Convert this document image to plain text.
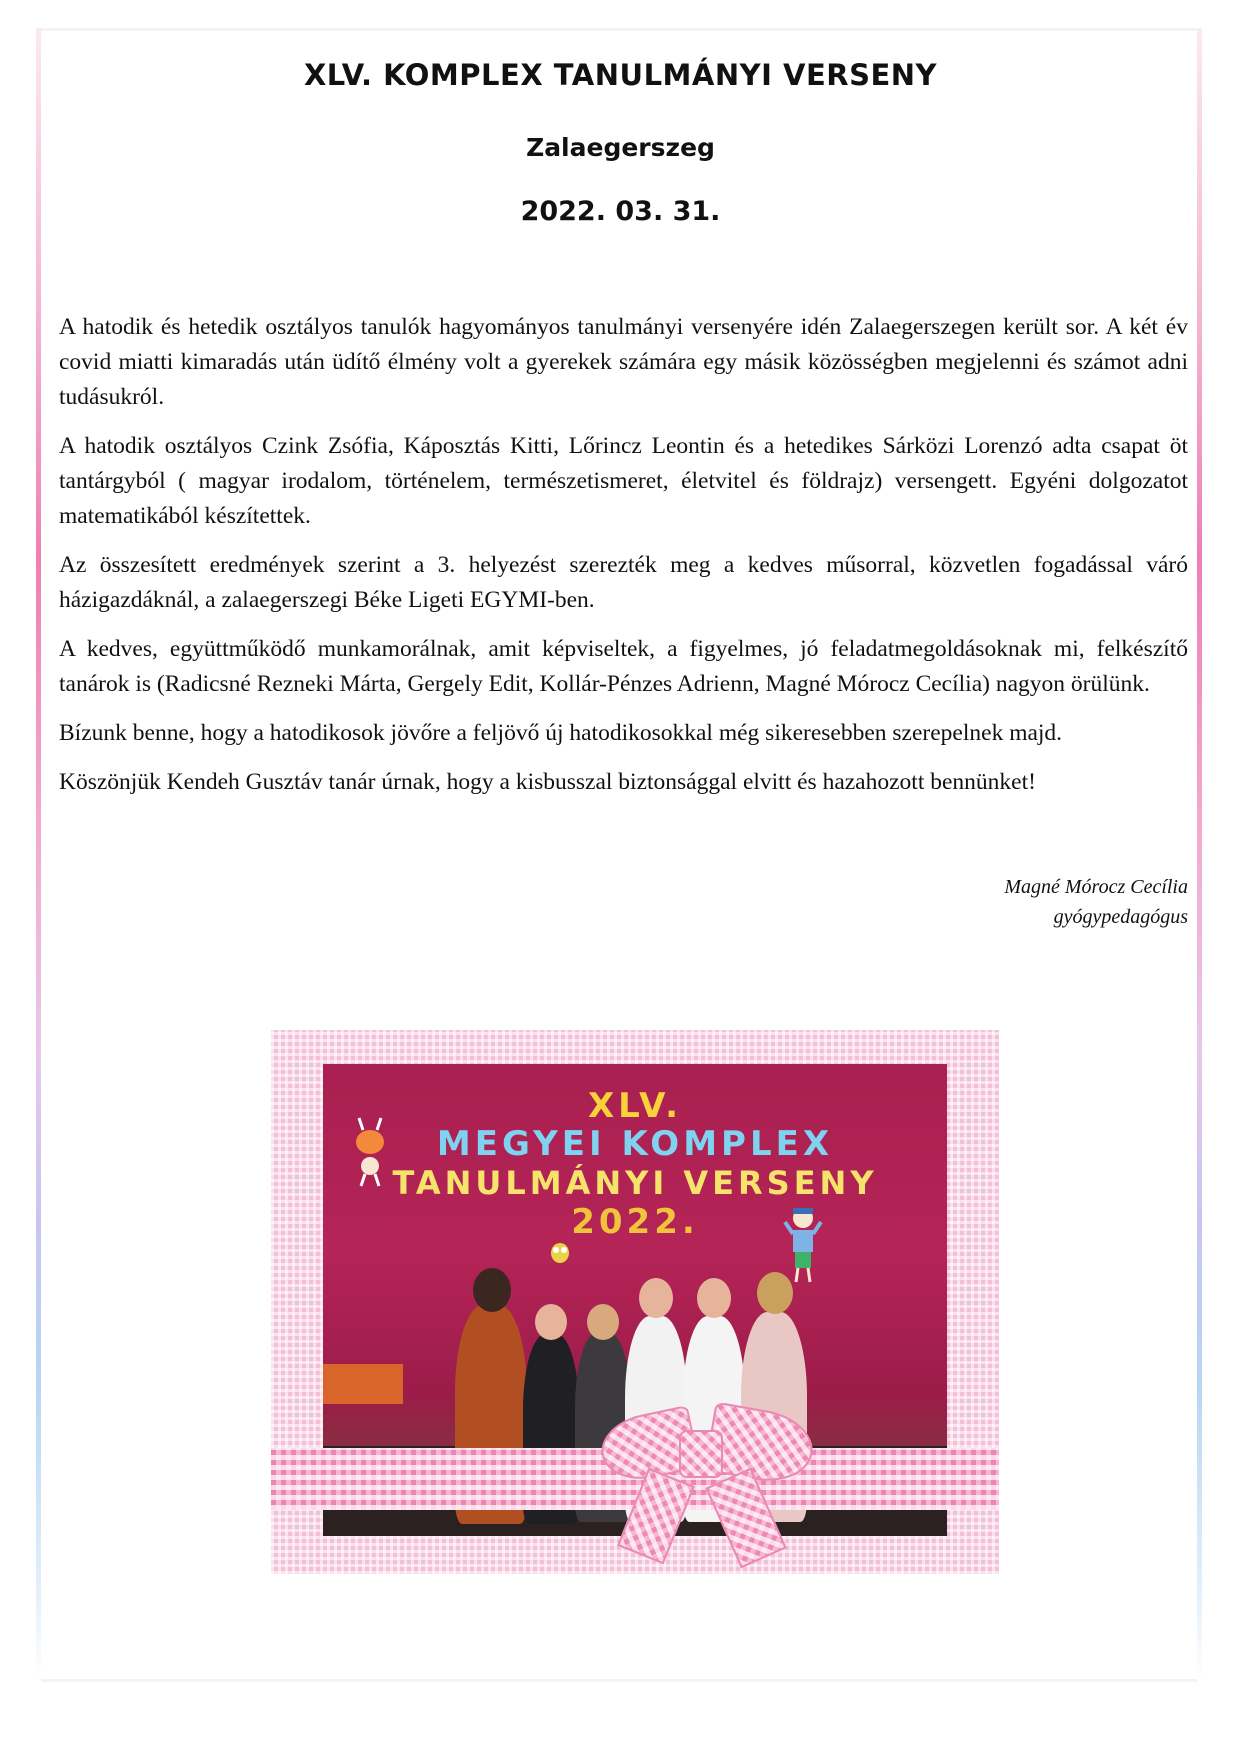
XLV. KOMPLEX TANULMÁNYI VERSENY
Zalaegerszeg
2022. 03. 31.

A hatodik és hetedik osztályos tanulók hagyományos tanulmányi versenyére idén Zalaegerszegen került sor. A két év covid miatti kimaradás után üdítő élmény volt a gyerekek számára egy másik közösségben megjelenni és számot adni tudásukról.

A hatodik osztályos Czink Zsófia, Káposztás Kitti, Lőrincz Leontin és a hetedikes Sárközi Lorenzó adta csapat öt tantárgyból ( magyar irodalom, történelem, természetismeret, életvitel és földrajz) versengett. Egyéni dolgozatot matematikából készítettek.

Az összesített eredmények szerint a 3. helyezést szerezték meg a kedves műsorral, közvetlen fogadással váró házigazdáknál, a zalaegerszegi Béke Ligeti EGYMI-ben.

A kedves, együttműködő munkamorálnak, amit képviseltek, a figyelmes, jó feladatmegoldásoknak mi, felkészítő tanárok is (Radicsné Rezneki Márta, Gergely Edit, Kollár-Pénzes Adrienn, Magné Mórocz Cecília) nagyon örülünk.

Bízunk benne, hogy a hatodikosok jövőre a feljövő új hatodikosokkal még sikeresebben szerepelnek majd.

Köszönjük Kendeh Gusztáv tanár úrnak, hogy a kisbusszal biztonsággal elvitt és hazahozott bennünket!

Magné Mórocz Cecília
gyógypedagógus
XLV.
MEGYEI KOMPLEX
TANULMÁNYI VERSENY
2022.
